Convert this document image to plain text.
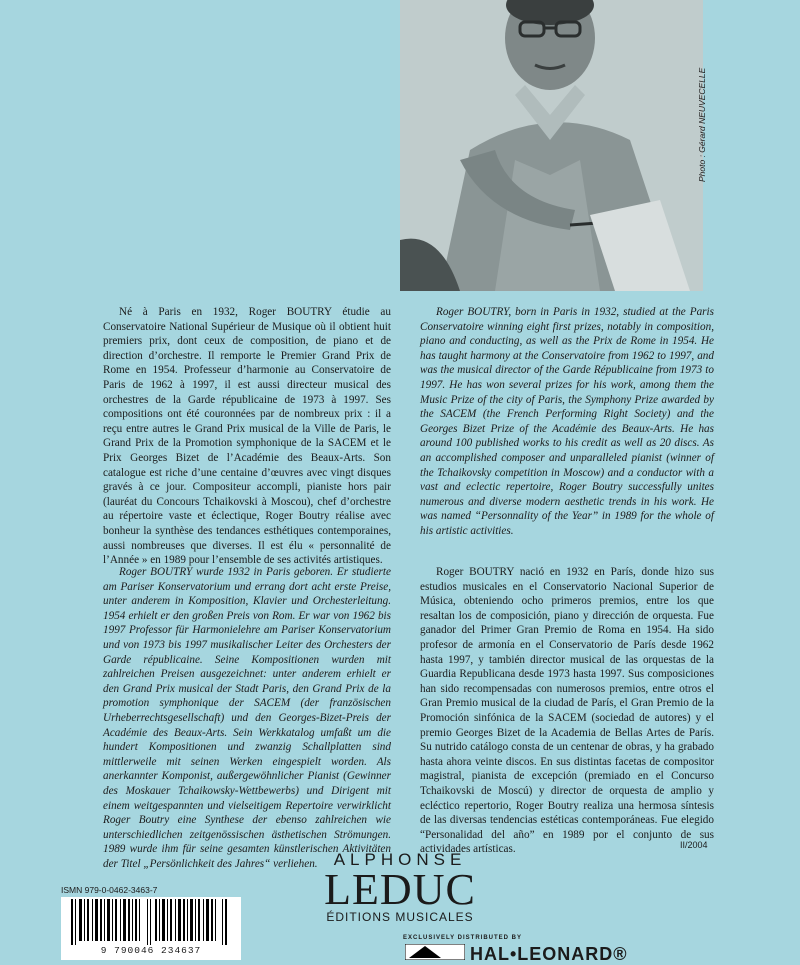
Photo : Gérard NEUVECELLE

Né à Paris en 1932, Roger BOUTRY étudie au Conservatoire National Supérieur de Musique où il obtient huit premiers prix, dont ceux de composition, de piano et de direction d’orchestre. Il remporte le Premier Grand Prix de Rome en 1954. Professeur d’harmonie au Conservatoire de Paris de 1962 à 1997, il est aussi directeur musical des orchestres de la Garde républicaine de 1973 à 1997. Ses compositions ont été couronnées par de nombreux prix : il a reçu entre autres le Grand Prix musical de la Ville de Paris, le Grand Prix de la Promotion symphonique de la SACEM et le Prix Georges Bizet de l’Académie des Beaux-Arts. Son catalogue est riche d’une centaine d’œuvres avec vingt disques gravés à ce jour. Compositeur accompli, pianiste hors pair (lauréat du Concours Tchaikovski à Moscou), chef d’orchestre au répertoire vaste et éclectique, Roger Boutry réalise avec bonheur la synthèse des tendances esthétiques contemporaines, aussi nombreuses que diverses. Il est élu « personnalité de l’Année » en 1989 pour l’ensemble de ses activités artistiques.

Roger BOUTRY, born in Paris in 1932, studied at the Paris Conservatoire winning eight first prizes, notably in composition, piano and conducting, as well as the Prix de Rome in 1954. He has taught harmony at the Conservatoire from 1962 to 1997, and was the musical director of the Garde Républicaine from 1973 to 1997. He has won several prizes for his work, among them the Music Prize of the city of Paris, the Symphony Prize awarded by the SACEM (the French Performing Right Society) and the Georges Bizet Prize of the Académie des Beaux-Arts. He has around 100 published works to his credit as well as 20 discs. As an accomplished composer and unparalleled pianist (winner of the Tchaikovsky competition in Moscow) and a conductor with a vast and eclectic repertoire, Roger Boutry successfully unites numerous and diverse modern aesthetic trends in his work. He was named “Personnality of the Year” in 1989 for the whole of his artistic activities.

Roger BOUTRY wurde 1932 in Paris geboren. Er studierte am Pariser Konservatorium und errang dort acht erste Preise, unter anderem in Komposition, Klavier und Orchesterleitung. 1954 erhielt er den großen Preis von Rom. Er war von 1962 bis 1997 Professor für Harmonielehre am Pariser Konservatorium und von 1973 bis 1997 musikalischer Leiter des Orchesters der Garde républicaine. Seine Kompositionen wurden mit zahlreichen Preisen ausgezeichnet: unter anderem erhielt er den Grand Prix musical der Stadt Paris, den Grand Prix de la promotion symphonique der SACEM (der französischen Urheberrechtsgesellschaft) und den Georges-Bizet-Preis der Académie des Beaux-Arts. Sein Werkkatalog umfaßt um die hundert Kompositionen und zwanzig Schallplatten sind mittlerweile mit seinen Werken eingespielt worden. Als anerkannter Komponist, außergewöhnlicher Pianist (Gewinner des Moskauer Tchaikowsky-Wettbewerbs) und Dirigent mit einem weitgespannten und vielseitigem Repertoire verwirklicht Roger Boutry eine Synthese der ebenso zahlreichen wie unterschiedlichen zeitgenössischen ästhetischen Strömungen. 1989 wurde ihm für seine gesamten künstlerischen Aktivitäten der Titel „Persönlichkeit des Jahres“ verliehen.

Roger BOUTRY nació en 1932 en París, donde hizo sus estudios musicales en el Conservatorio Nacional Superior de Música, obteniendo ocho primeros premios, entre los que resaltan los de composición, piano y dirección de orquesta. Fue ganador del Primer Gran Premio de Roma en 1954. Ha sido profesor de armonía en el Conservatorio de París desde 1962 hasta 1997, y también director musical de las orquestas de la Guardia Republicana desde 1973 hasta 1997. Sus composiciones han sido recompensadas con numerosos premios, entre otros el Gran Premio musical de la ciudad de París, el Gran Premio de la Promoción sinfónica de la SACEM (sociedad de autores) y el premio Georges Bizet de la Academia de Bellas Artes de París. Su nutrido catálogo consta de un centenar de obras, y ha grabado hasta ahora veinte discos. En sus distintas facetas de compositor magistral, pianista de excepción (premiado en el Concurso Tchaikovski de Moscú) y director de orquesta de amplio y ecléctico repertorio, Roger Boutry realiza una hermosa síntesis de las diversas tendencias estéticas contemporáneas. Fue elegido “Personalidad del año” en 1989 por el conjunto de sus actividades artísticas.	II/2004
ALPHONSE
LEDUC
ÉDITIONS MUSICALES
ISMN 979-0-0462-3463-7
9 790046 234637
EXCLUSIVELY DISTRIBUTED BY
HAL•LEONARD®
